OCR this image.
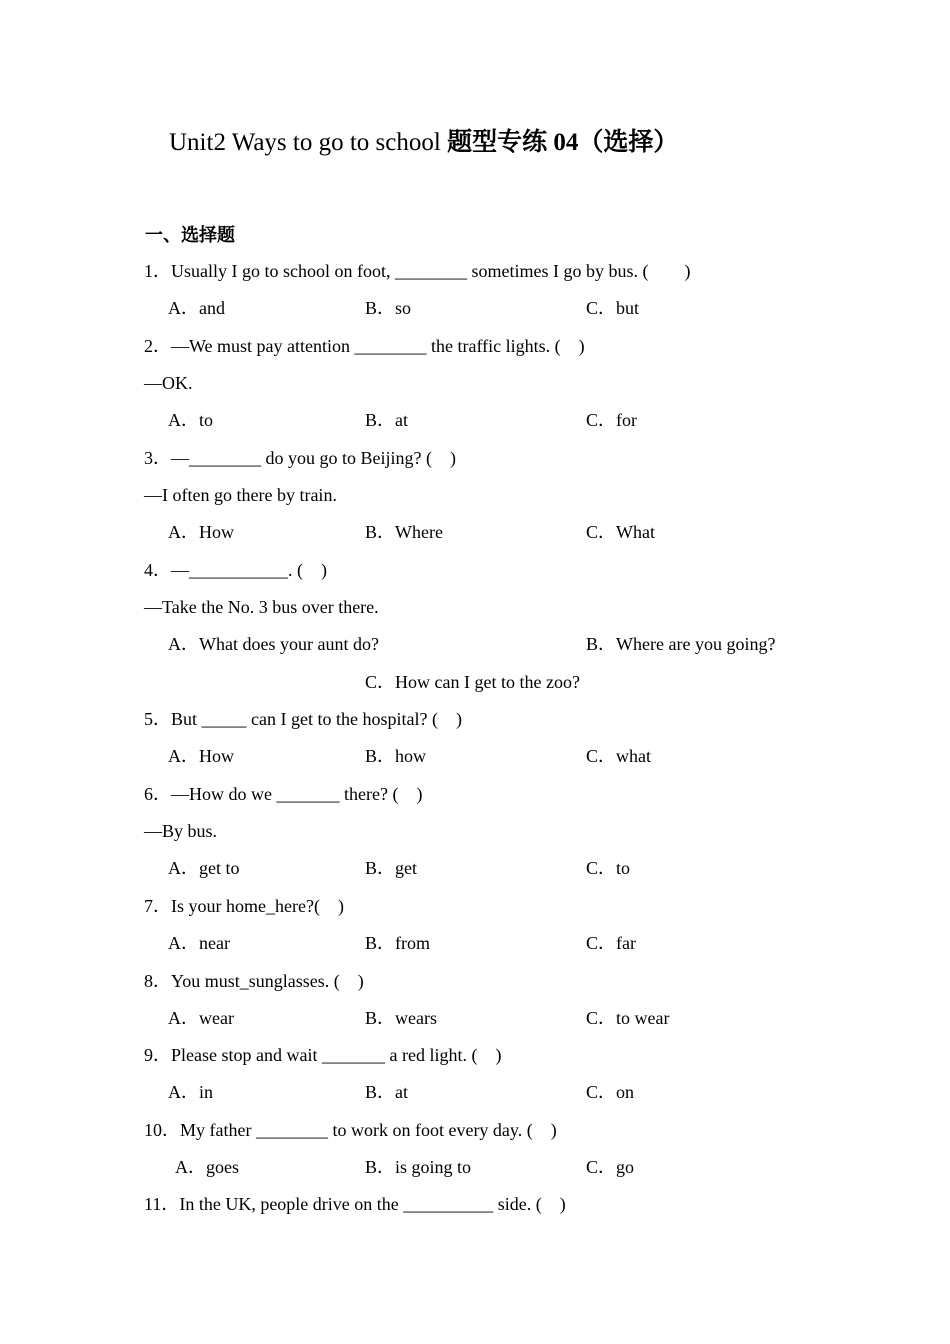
Unit2 Ways to go to school 题型专练 04（选择）
一、选择题
1．Usually I go to school on foot, ________ sometimes I go by bus. (　　)
A．and	B．so	C．but
2．—We must pay attention ________ the traffic lights. (　)
—OK.
A．to	B．at	C．for
3．—________ do you go to Beijing? (　)
—I often go there by train.
A．How	B．Where	C．What
4．—___________. (　)
—Take the No. 3 bus over there.
A．What does your aunt do?	B．Where are you going?
C．How can I get to the zoo?
5．But _____ can I get to the hospital? (　)
A．How	B．how	C．what
6．—How do we _______ there? (　)
—By bus.
A．get to	B．get	C．to
7．Is your home_here?(　)
A．near	B．from	C．far
8．You must_sunglasses. (　)
A．wear	B．wears	C．to wear
9．Please stop and wait _______ a red light. (　)
A．in	B．at	C．on
10．My father ________ to work on foot every day. (　)
A．goes	B．is going to	C．go
11．In the UK, people drive on the __________ side. (　)
